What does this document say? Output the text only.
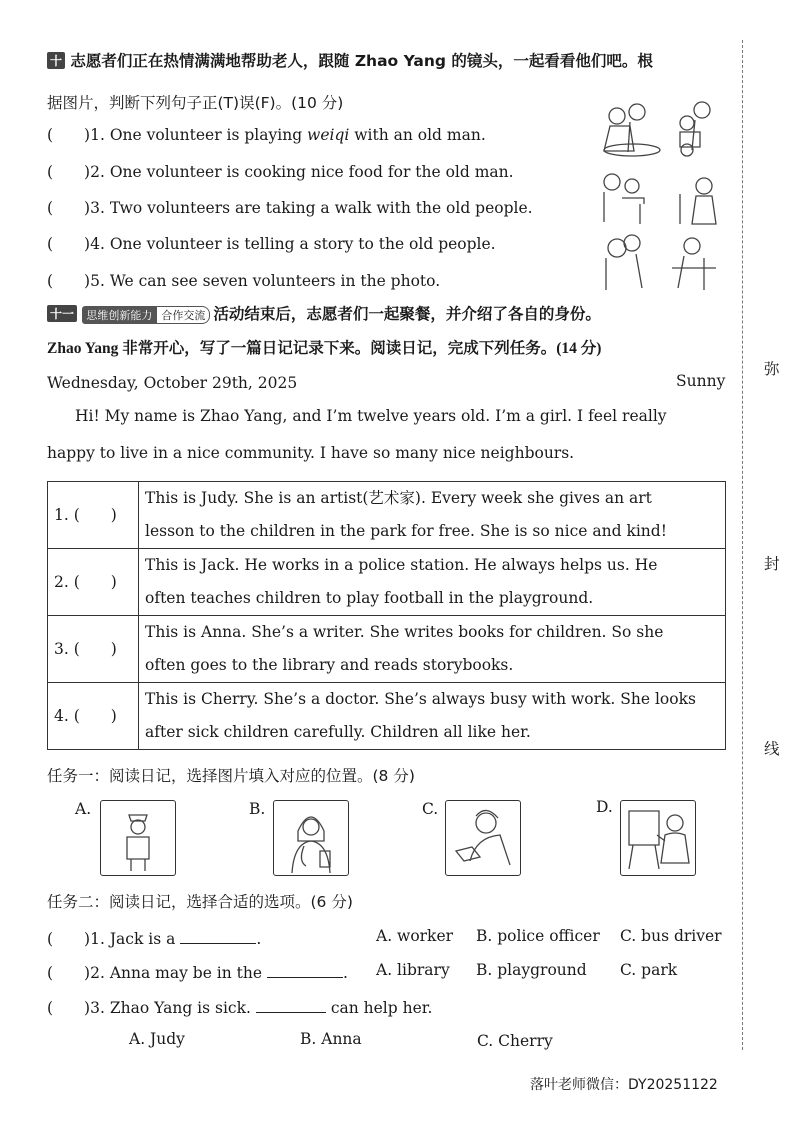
弥
封
线
十 志愿者们正在热情满满地帮助老人，跟随 Zhao Yang 的镜头，一起看看他们吧。根
据图片，判断下列句子正(T)误(F)。(10 分)
(　　)1. One volunteer is playing weiqi with an old man.
(　　)2. One volunteer is cooking nice food for the old man.
(　　)3. Two volunteers are taking a walk with the old people.
(　　)4. One volunteer is telling a story to the old people.
(　　)5. We can see seven volunteers in the photo.
十一 思维创新能力 合作交流 活动结束后，志愿者们一起聚餐，并介绍了各自的身份。
Zhao Yang 非常开心，写了一篇日记记录下来。阅读日记，完成下列任务。(14 分)
Wednesday, October 29th, 2025	Sunny
Hi! My name is Zhao Yang, and I’m twelve years old. I’m a girl. I feel really
happy to live in a nice community. I have so many nice neighbours.
1. (　　)	This is Judy. She is an artist(艺术家). Every week she gives an art
lesson to the children in the park for free. She is so nice and kind!
2. (　　)	This is Jack. He works in a police station. He always helps us. He
often teaches children to play football in the playground.
3. (　　)	This is Anna. She’s a writer. She writes books for children. So she
often goes to the library and reads storybooks.
4. (　　)	This is Cherry. She’s a doctor. She’s always busy with work. She looks
after sick children carefully. Children all like her.
任务一：阅读日记，选择图片填入对应的位置。(8 分)
A.	B.	C.	D.
任务二：阅读日记，选择合适的选项。(6 分)
(　　)1. Jack is a	.	A. worker B. police officer C. bus driver
(　　)2. Anna may be in the	. A. library B. playground C. park
(　　)3. Zhao Yang is sick.	can help her.
A. Judy	B. Anna	C. Cherry
落叶老师微信：DY20251122
